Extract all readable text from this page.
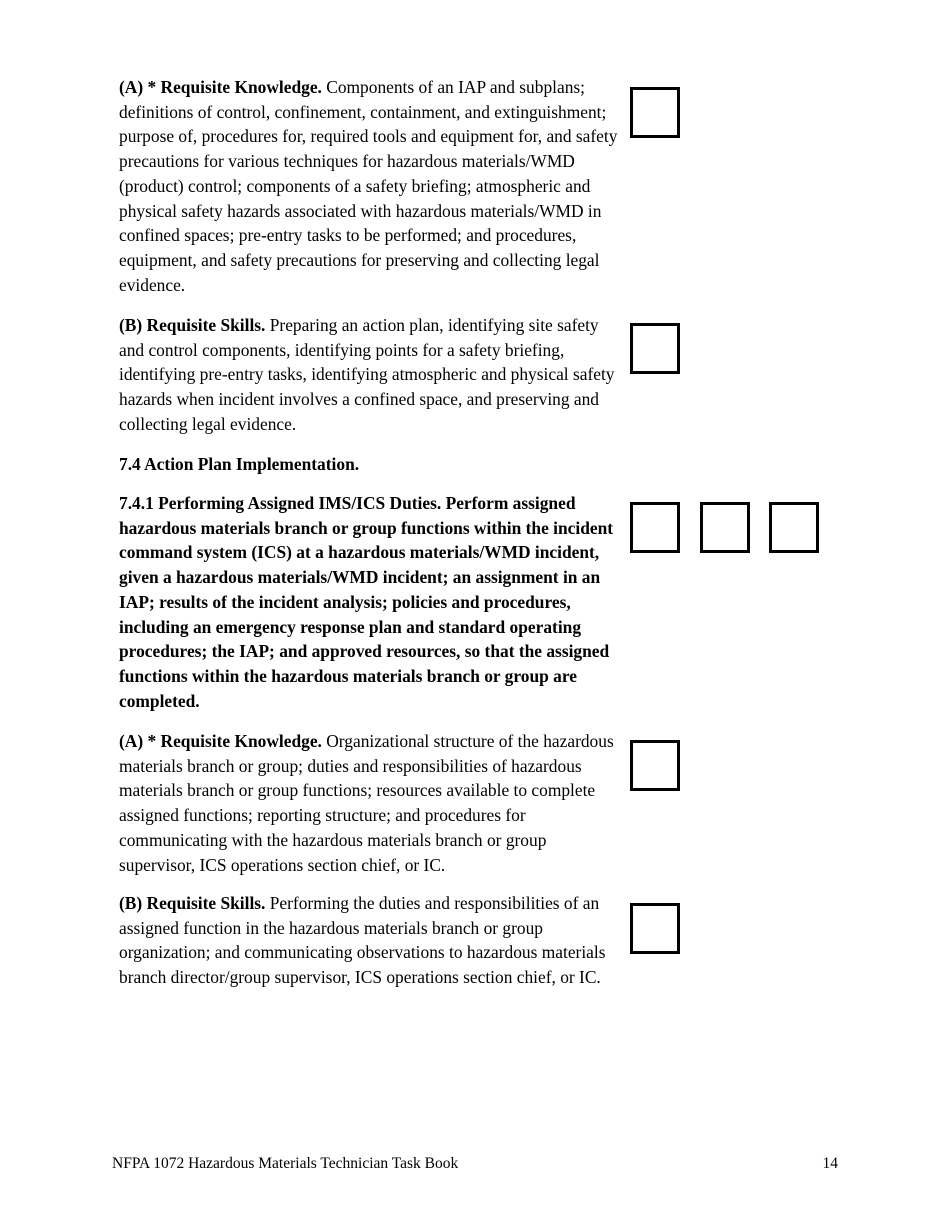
(A) * Requisite Knowledge. Components of an IAP and subplans; definitions of control, confinement, containment, and extinguishment; purpose of, procedures for, required tools and equipment for, and safety precautions for various techniques for hazardous materials/WMD (product) control; components of a safety briefing; atmospheric and physical safety hazards associated with hazardous materials/WMD in confined spaces; pre-entry tasks to be performed; and procedures, equipment, and safety precautions for preserving and collecting legal evidence.
(B) Requisite Skills. Preparing an action plan, identifying site safety and control components, identifying points for a safety briefing, identifying pre-entry tasks, identifying atmospheric and physical safety hazards when incident involves a confined space, and preserving and collecting legal evidence.
7.4 Action Plan Implementation.
7.4.1 Performing Assigned IMS/ICS Duties. Perform assigned hazardous materials branch or group functions within the incident command system (ICS) at a hazardous materials/WMD incident, given a hazardous materials/WMD incident; an assignment in an IAP; results of the incident analysis; policies and procedures, including an emergency response plan and standard operating procedures; the IAP; and approved resources, so that the assigned functions within the hazardous materials branch or group are completed.
(A) * Requisite Knowledge. Organizational structure of the hazardous materials branch or group; duties and responsibilities of hazardous materials branch or group functions; resources available to complete assigned functions; reporting structure; and procedures for communicating with the hazardous materials branch or group supervisor, ICS operations section chief, or IC.
(B) Requisite Skills. Performing the duties and responsibilities of an assigned function in the hazardous materials branch or group organization; and communicating observations to hazardous materials branch director/group supervisor, ICS operations section chief, or IC.
NFPA 1072 Hazardous Materials Technician Task Book	14
